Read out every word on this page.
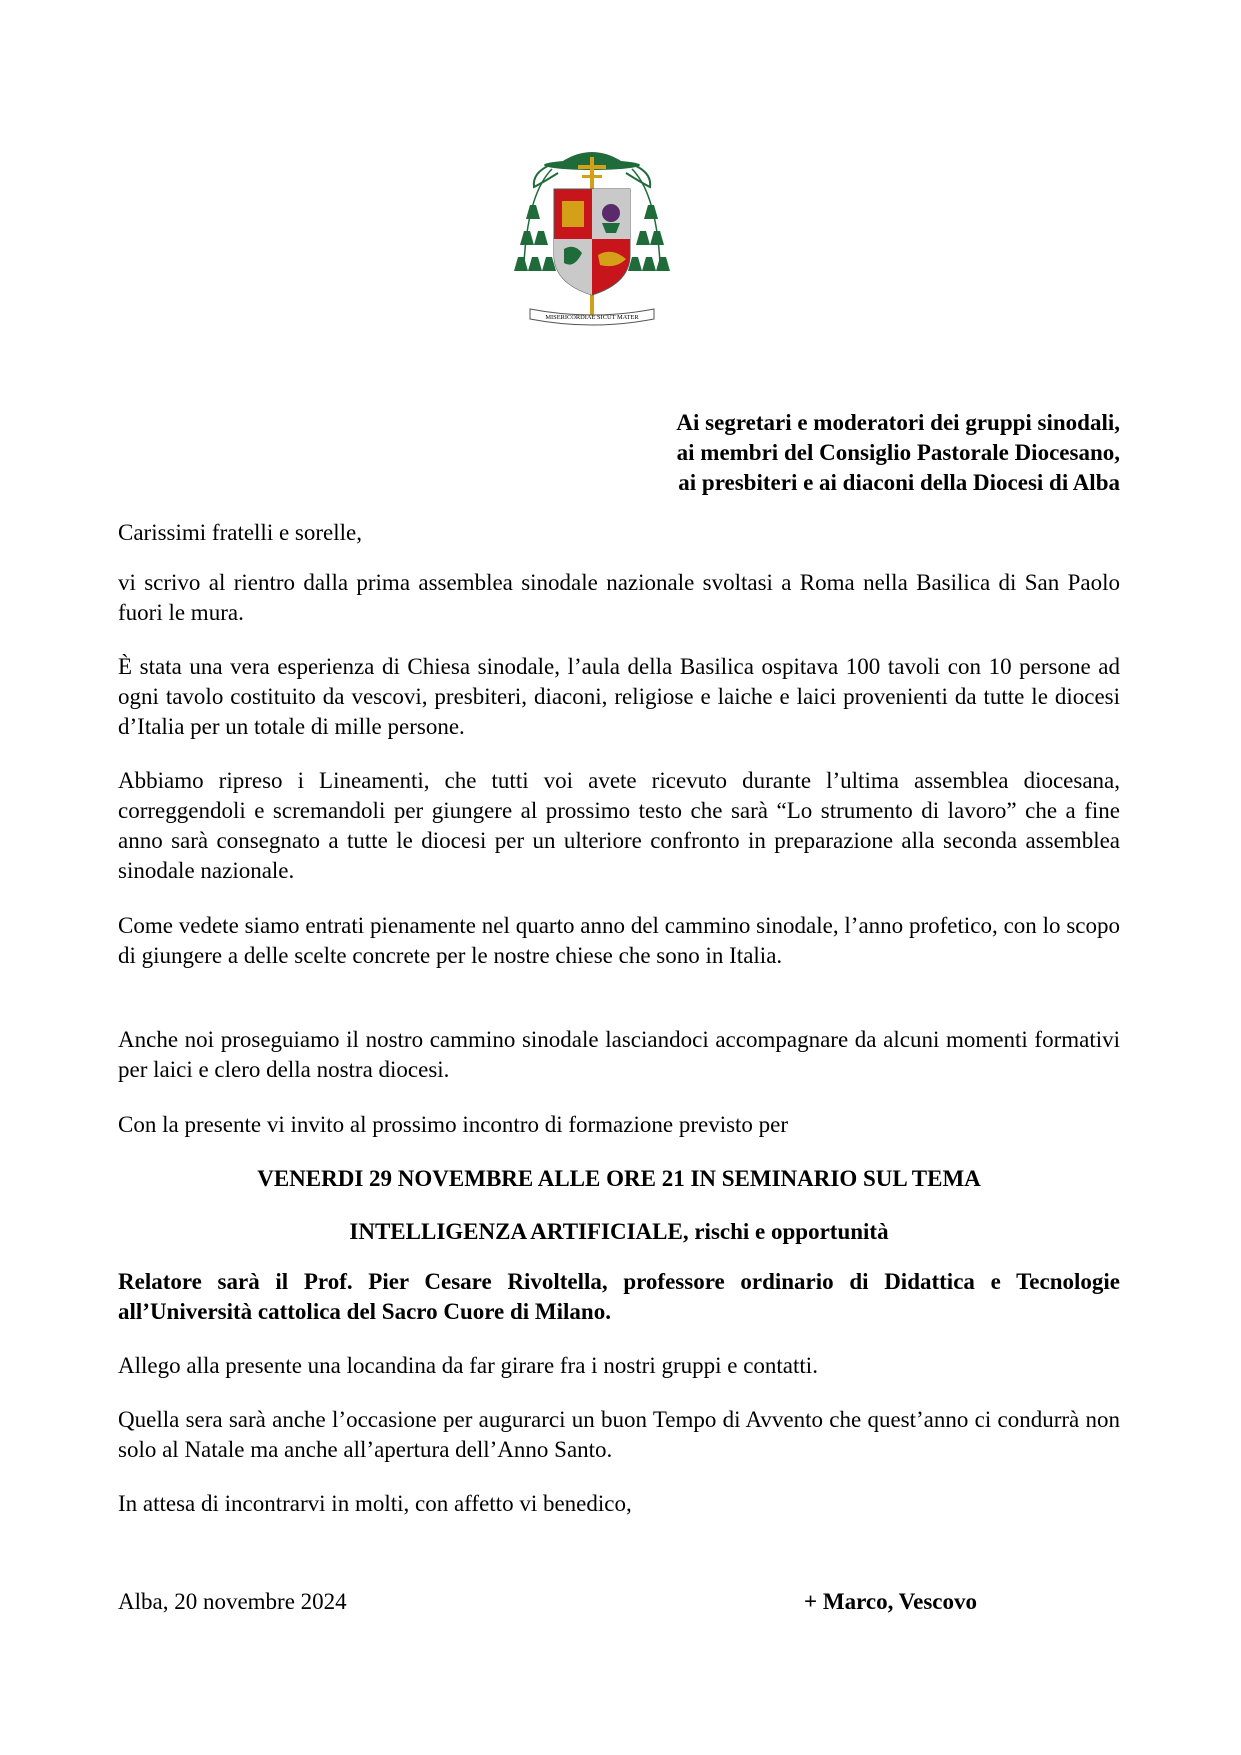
MISERICORDIAE SICUT MATER
Ai segretari e moderatori dei gruppi sinodali,
ai membri del Consiglio Pastorale Diocesano,
ai presbiteri e ai diaconi della Diocesi di Alba

Carissimi fratelli e sorelle,

vi scrivo al rientro dalla prima assemblea sinodale nazionale svoltasi a Roma nella Basilica di San Paolo fuori le mura.

È stata una vera esperienza di Chiesa sinodale, l’aula della Basilica ospitava 100 tavoli con 10 persone ad ogni tavolo costituito da vescovi, presbiteri, diaconi, religiose e laiche e laici provenienti da tutte le diocesi d’Italia per un totale di mille persone.

Abbiamo ripreso i Lineamenti, che tutti voi avete ricevuto durante l’ultima assemblea diocesana, correggendoli e scremandoli per giungere al prossimo testo che sarà “Lo strumento di lavoro” che a fine anno sarà consegnato a tutte le diocesi per un ulteriore confronto in preparazione alla seconda assemblea sinodale nazionale.

Come vedete siamo entrati pienamente nel quarto anno del cammino sinodale, l’anno profetico, con lo scopo di giungere a delle scelte concrete per le nostre chiese che sono in Italia.

Anche noi proseguiamo il nostro cammino sinodale lasciandoci accompagnare da alcuni momenti formativi per laici e clero della nostra diocesi.

Con la presente vi invito al prossimo incontro di formazione previsto per

VENERDI 29 NOVEMBRE ALLE ORE 21 IN SEMINARIO SUL TEMA

INTELLIGENZA ARTIFICIALE, rischi e opportunità

Relatore sarà il Prof. Pier Cesare Rivoltella, professore ordinario di Didattica e Tecnologie all’Università cattolica del Sacro Cuore di Milano.

Allego alla presente una locandina da far girare fra i nostri gruppi e contatti.

Quella sera sarà anche l’occasione per augurarci un buon Tempo di Avvento che quest’anno ci condurrà non solo al Natale ma anche all’apertura dell’Anno Santo.

In attesa di incontrarvi in molti, con affetto vi benedico,

Alba, 20 novembre 2024	+ Marco, Vescovo
